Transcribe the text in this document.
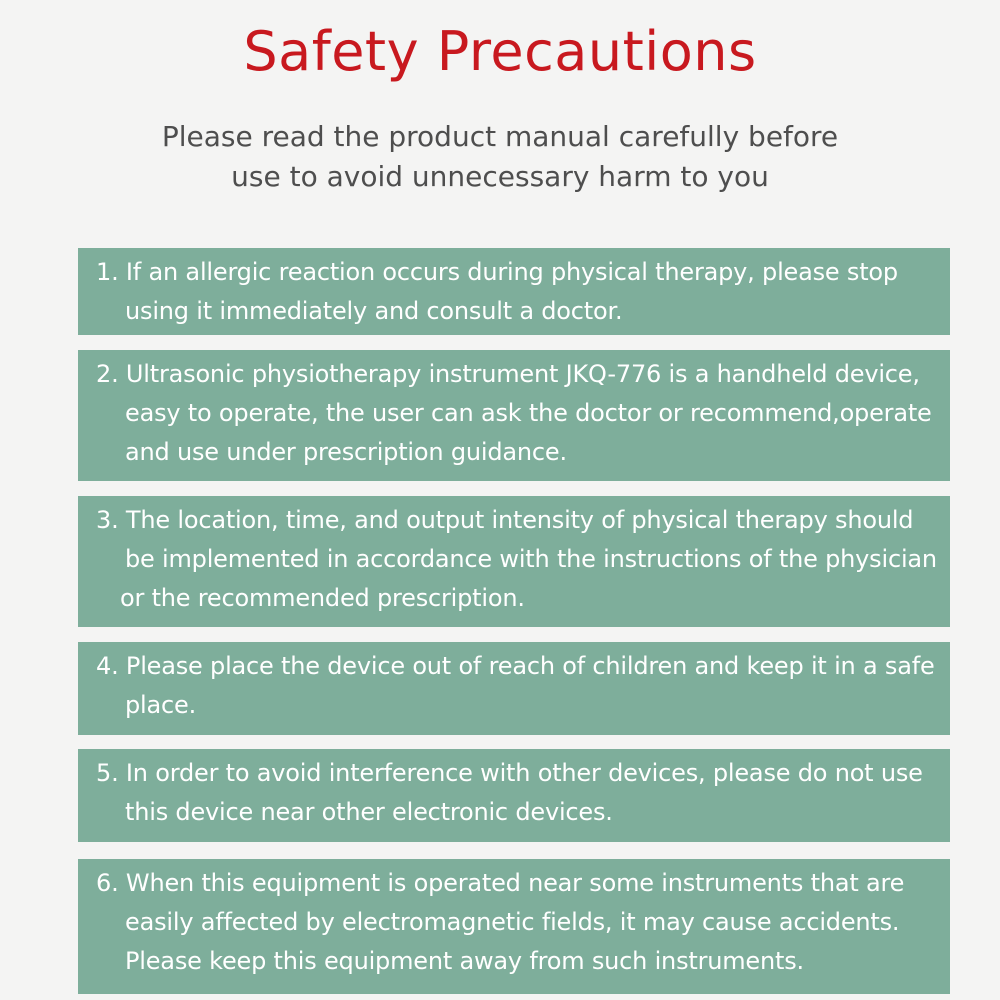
Safety Precautions
Please read the product manual carefully before
use to avoid unnecessary harm to you
1. If an allergic reaction occurs during physical therapy, please stop
using it immediately and consult a doctor.
2. Ultrasonic physiotherapy instrument JKQ-776 is a handheld device,
easy to operate, the user can ask the doctor or recommend,operate
and use under prescription guidance.
3. The location, time, and output intensity of physical therapy should
be implemented in accordance with the instructions of the physician
or the recommended prescription.
4. Please place the device out of reach of children and keep it in a safe
place.
5. In order to avoid interference with other devices, please do not use
this device near other electronic devices.
6. When this equipment is operated near some instruments that are
easily affected by electromagnetic fields, it may cause accidents.
Please keep this equipment away from such instruments.
